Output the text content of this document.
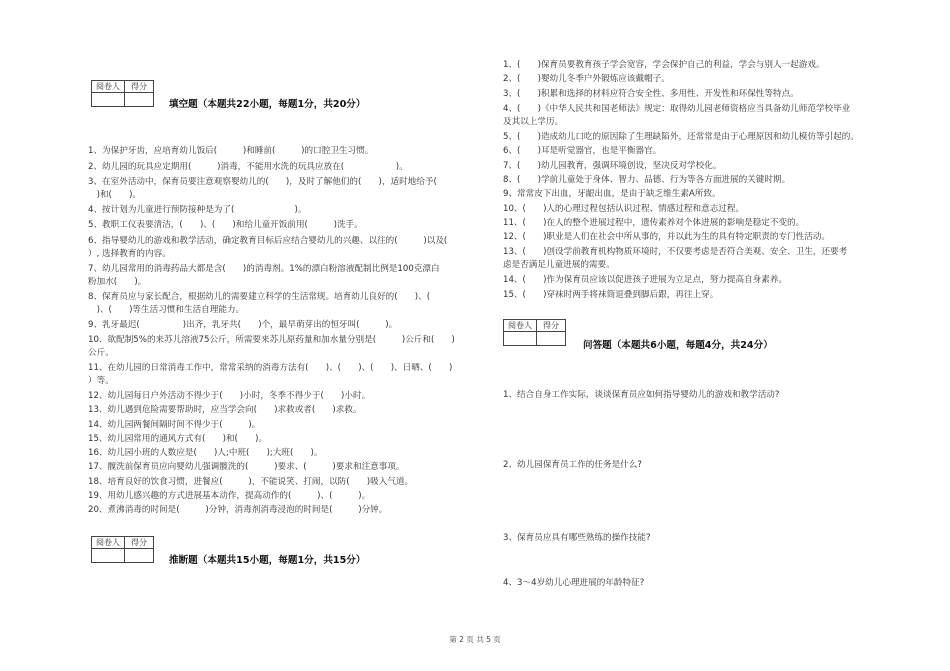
阅卷人	得分

填空题（本题共22小题，每题1分，共20分）
1、为保护牙齿，应培育幼儿饭后(　　　)和睡前(　　　)的口腔卫生习惯。
2、幼儿园的玩具应定期用(　　　)消毒，不能用水洗的玩具应放在(　　　　　　)。
3、在室外活动中，保育员要注意观察婴幼儿的(　　)，及时了解他们的(　　)，适时地给予(
　)和(　　)。
4、按计划为儿童进行预防接种是为了(　　　　　　　)。
5、教职工仪表要清洁，(　　)、(　　)和给儿童开饭前用(　　　)洗手。
6、指导婴幼儿的游戏和教学活动，确定教育目标后应结合婴幼儿的兴趣、以往的(　　　)以及(
）, 选择教育的内容。
7、幼儿园常用的消毒药品大都是含(　　)的消毒剂。1%的漂白粉溶液配制比例是100克漂白
粉加水(　　)。
8、保育员应与家长配合，根据幼儿的需要建立科学的生活常规。培育幼儿良好的(　　)、(
　)、(　　)等生活习惯和生活自理能力。
9、乳牙最迟(　　　　　)出齐，乳牙共(　　)个，最早萌芽出的恒牙叫(　　　)。
10、欲配制5%的来苏儿溶液75公斤，所需要来苏儿原药量和加水量分别是(　　　)公斤和(　　)
公斤。
11、在幼儿园的日常消毒工作中，常常采纳的消毒方法有(　　)、(　　)、(　　)、日晒、(　　)
）等。
12、幼儿园每日户外活动不得少于(　　)小时，冬季不得少于(　　)小时。
13、幼儿遇到危险需要帮助时，应当学会向(　　)求救或者(　　)求救。
14、幼儿园两餐间隔时间不得少于(　　　)。
15、幼儿园常用的通风方式有(　　)和(　　)。
16、幼儿园小班的人数应是(　　)人;中班(　　);大班(　　)。
17、髋洗前保育员应向婴幼儿强调髋洗的(　　　)要求、(　　　)要求和注意事项。
18、培育良好的饮食习惯，进餐应(　　　)，不能说笑、打闹，以防(　　)吸入气道。
19、用幼儿感兴趣的方式进展基本动作，提高动作的(　　　)、(　　　)。
20、煮沸消毒的时间是(　　　)分钟，消毒剂消毒浸泡的时间是(　　　)分钟。
阅卷人	得分

推断题（本题共15小题，每题1分，共15分）
1、(　　)保育员要教育孩子学会宽容，学会保护自己的利益，学会与别人一起游戏。
2、(　　)婴幼儿冬季户外锻炼应该戴帽子。
3、(　　)积累和选择的材料应符合安全性、多用性、开发性和环保性等特点。
4、(　　)《中华人民共和国老师法》规定：取得幼儿园老师资格应当具备幼儿师范学校毕业
及其以上学历。
5、(　　)造成幼儿口吃的原因除了生理缺陷外，还常常是由于心理原因和幼儿模仿等引起的。
6、(　　)耳是听觉器官，也是平衡器官。
7、(　　)幼儿园教育，强调环境创设，坚决反对学校化。
8、(　　)学前儿童处于身体、智力、品德、行为等各方面进展的关键时期。
9、常常皮下出血，牙龈出血，是由于缺乏维生素A所致。
10、(　　)人的心理过程包括认识过程、情感过程和意志过程。
11、(　　)在人的整个进展过程中，遗传素养对个体进展的影响是稳定不变的。
12、(　　)职业是人们在社会中所从事的，并以此为生的具有特定职责的专门性活动。
13、(　　)创设学前教育机构物质环境时，不仅要考虑是否符合美观、安全、卫生，还要考
虑是否满足儿童进展的需要。
14、(　　)作为保育员应该以促进孩子进展为立足点，努力提高自身素养。
15、(　　)穿袜时两手将袜筒退叠到脚后跟，再往上穿。
阅卷人	得分

问答题（本题共6小题，每题4分，共24分）
1、结合自身工作实际，谈谈保育员应如何指导婴幼儿的游戏和教学活动?
2、幼儿园保育员工作的任务是什么?
3、保育员应具有哪些熟练的操作技能?
4、3～4岁幼儿心理进展的年龄特征?
第 2 页 共 5 页
